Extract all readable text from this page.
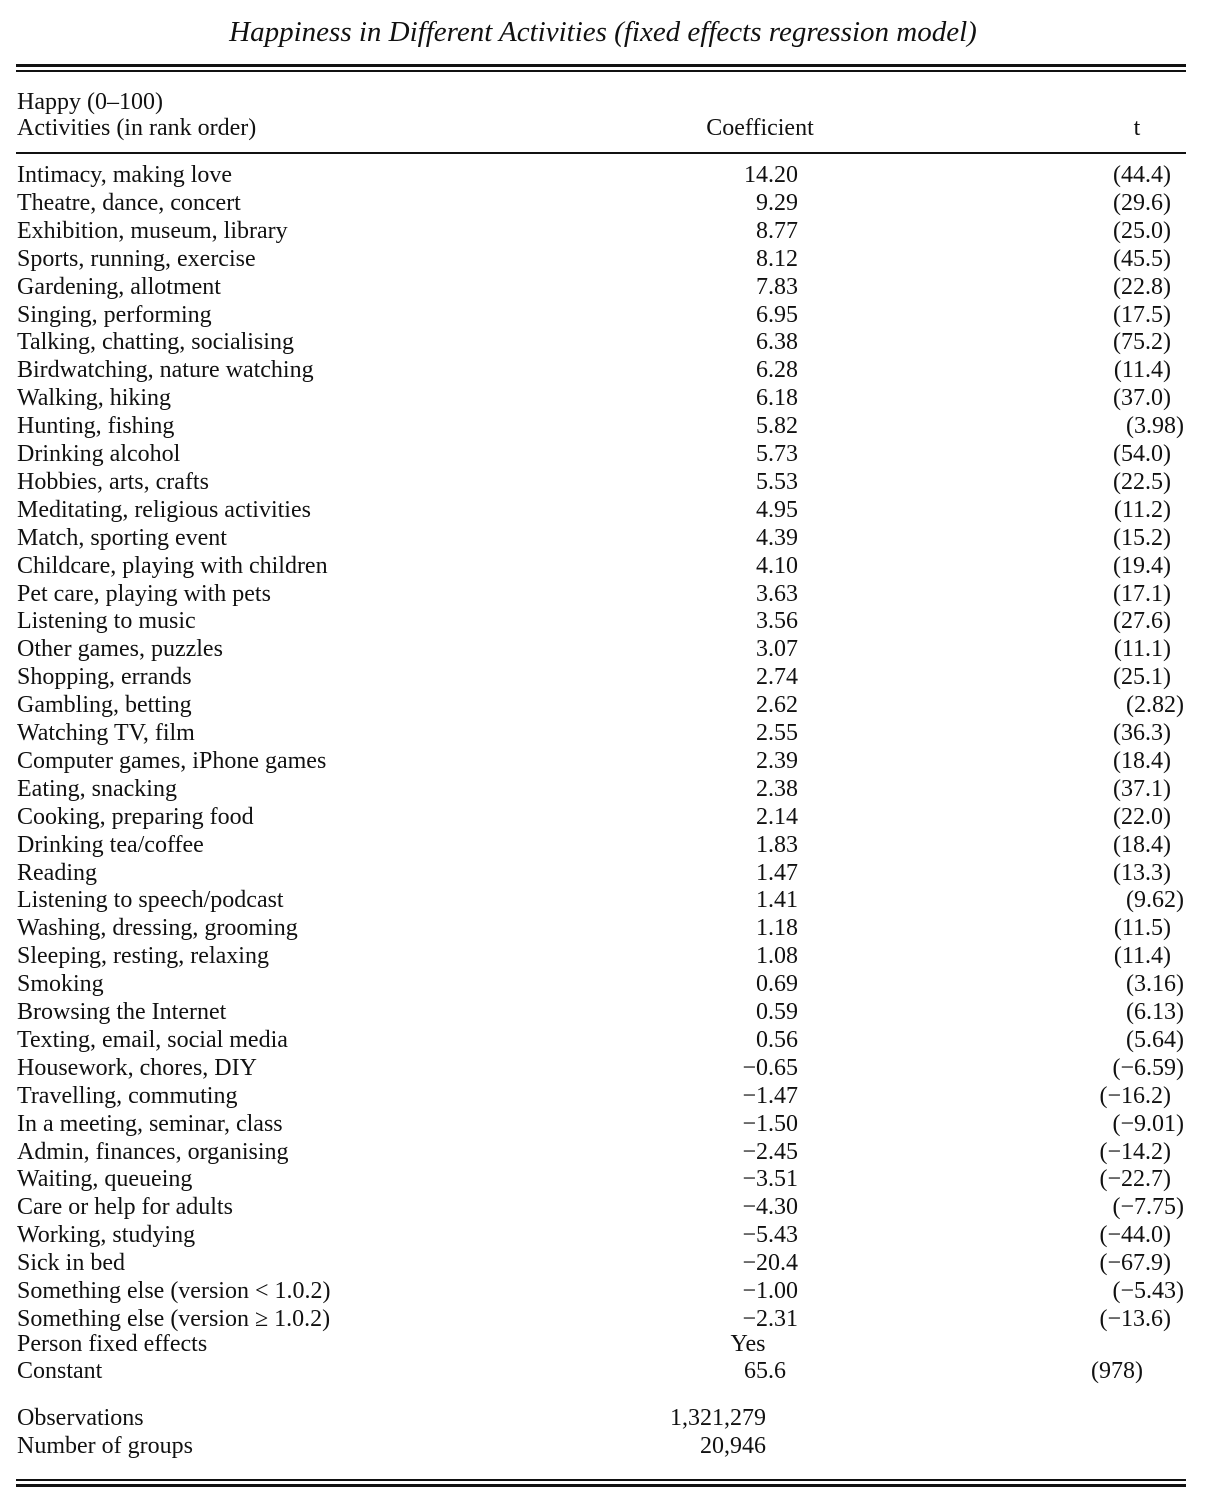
Happiness in Different Activities (fixed effects regression model)
Happy (0–100)
Activities (in rank order)	Coefficient	t
Intimacy, making love	14.20	(44.4)
Theatre, dance, concert	9.29	(29.6)
Exhibition, museum, library	8.77	(25.0)
Sports, running, exercise	8.12	(45.5)
Gardening, allotment	7.83	(22.8)
Singing, performing	6.95	(17.5)
Talking, chatting, socialising	6.38	(75.2)
Birdwatching, nature watching	6.28	(11.4)
Walking, hiking	6.18	(37.0)
Hunting, fishing	5.82	(3.98)
Drinking alcohol	5.73	(54.0)
Hobbies, arts, crafts	5.53	(22.5)
Meditating, religious activities	4.95	(11.2)
Match, sporting event	4.39	(15.2)
Childcare, playing with children	4.10	(19.4)
Pet care, playing with pets	3.63	(17.1)
Listening to music	3.56	(27.6)
Other games, puzzles	3.07	(11.1)
Shopping, errands	2.74	(25.1)
Gambling, betting	2.62	(2.82)
Watching TV, film	2.55	(36.3)
Computer games, iPhone games	2.39	(18.4)
Eating, snacking	2.38	(37.1)
Cooking, preparing food	2.14	(22.0)
Drinking tea/coffee	1.83	(18.4)
Reading	1.47	(13.3)
Listening to speech/podcast	1.41	(9.62)
Washing, dressing, grooming	1.18	(11.5)
Sleeping, resting, relaxing	1.08	(11.4)
Smoking	0.69	(3.16)
Browsing the Internet	0.59	(6.13)
Texting, email, social media	0.56	(5.64)
Housework, chores, DIY	−0.65	(−6.59)
Travelling, commuting	−1.47	(−16.2)
In a meeting, seminar, class	−1.50	(−9.01)
Admin, finances, organising	−2.45	(−14.2)
Waiting, queueing	−3.51	(−22.7)
Care or help for adults	−4.30	(−7.75)
Working, studying	−5.43	(−44.0)
Sick in bed	−20.4	(−67.9)
Something else (version < 1.0.2)	−1.00	(−5.43)
Something else (version ≥ 1.0.2)	−2.31	(−13.6)
Person fixed effects	Yes
Constant	65.6	(978)
Observations	1,321,279
Number of groups	20,946
